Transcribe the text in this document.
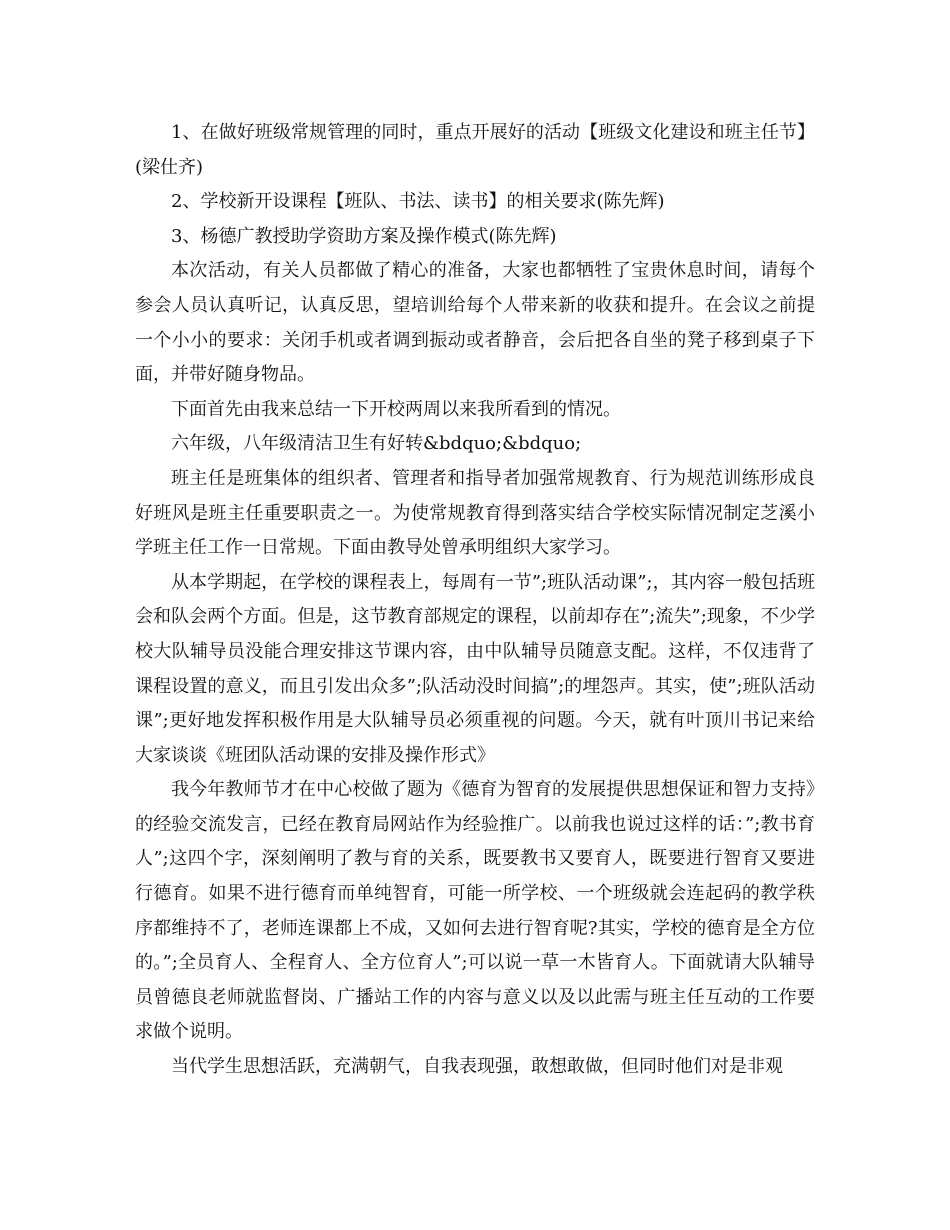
1、在做好班级常规管理的同时，重点开展好的活动【班级文化建设和班主任节】(梁仕齐)

2、学校新开设课程【班队、书法、读书】的相关要求(陈先辉)

3、杨德广教授助学资助方案及操作模式(陈先辉)

本次活动，有关人员都做了精心的准备，大家也都牺牲了宝贵休息时间，请每个参会人员认真听记，认真反思，望培训给每个人带来新的收获和提升。在会议之前提一个小小的要求：关闭手机或者调到振动或者静音，会后把各自坐的凳子移到桌子下面，并带好随身物品。

下面首先由我来总结一下开校两周以来我所看到的情况。

六年级，八年级清洁卫生有好转&bdquo;&bdquo;

班主任是班集体的组织者、管理者和指导者加强常规教育、行为规范训练形成良好班风是班主任重要职责之一。为使常规教育得到落实结合学校实际情况制定芝溪小学班主任工作一日常规。下面由教导处曾承明组织大家学习。

从本学期起，在学校的课程表上，每周有一节”;班队活动课”;，其内容一般包括班会和队会两个方面。但是，这节教育部规定的课程，以前却存在”;流失”;现象，不少学校大队辅导员没能合理安排这节课内容，由中队辅导员随意支配。这样，不仅违背了课程设置的意义，而且引发出众多”;队活动没时间搞”;的埋怨声。其实，使”;班队活动课”;更好地发挥积极作用是大队辅导员必须重视的问题。今天，就有叶顶川书记来给大家谈谈《班团队活动课的安排及操作形式》

我今年教师节才在中心校做了题为《德育为智育的发展提供思想保证和智力支持》的经验交流发言，已经在教育局网站作为经验推广。以前我也说过这样的话：”;教书育人”;这四个字，深刻阐明了教与育的关系，既要教书又要育人，既要进行智育又要进行德育。如果不进行德育而单纯智育，可能一所学校、一个班级就会连起码的教学秩序都维持不了，老师连课都上不成，又如何去进行智育呢?其实，学校的德育是全方位的。”;全员育人、全程育人、全方位育人”;可以说一草一木皆育人。下面就请大队辅导员曾德良老师就监督岗、广播站工作的内容与意义以及以此需与班主任互动的工作要求做个说明。

当代学生思想活跃，充满朝气，自我表现强，敢想敢做，但同时他们对是非观
